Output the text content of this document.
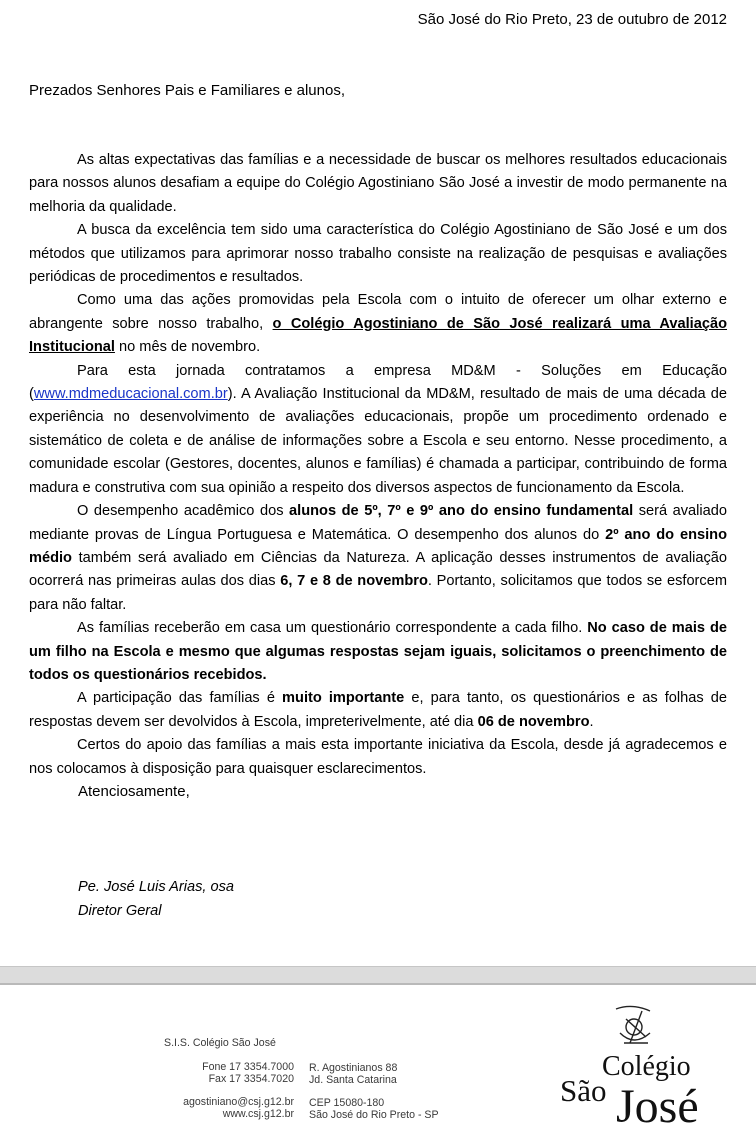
São José do Rio Preto, 23 de outubro de 2012
Prezados Senhores Pais e Familiares e alunos,

As altas expectativas das famílias e a necessidade de buscar os melhores resultados educacionais para nossos alunos desafiam a equipe do Colégio Agostiniano São José a investir de modo permanente na melhoria da qualidade.

A busca da excelência tem sido uma característica do Colégio Agostiniano de São José e um dos métodos que utilizamos para aprimorar nosso trabalho consiste na realização de pesquisas e avaliações periódicas de procedimentos e resultados.

Como uma das ações promovidas pela Escola com o intuito de oferecer um olhar externo e abrangente sobre nosso trabalho, o Colégio Agostiniano de São José realizará uma Avaliação Institucional no mês de novembro.

Para esta jornada contratamos a empresa MD&M - Soluções em Educação (www.mdmeducacional.com.br). A Avaliação Institucional da MD&M, resultado de mais de uma década de experiência no desenvolvimento de avaliações educacionais, propõe um procedimento ordenado e sistemático de coleta e de análise de informações sobre a Escola e seu entorno. Nesse procedimento, a comunidade escolar (Gestores, docentes, alunos e famílias) é chamada a participar, contribuindo de forma madura e construtiva com sua opinião a respeito dos diversos aspectos de funcionamento da Escola.

O desempenho acadêmico dos alunos de 5º, 7º e 9º ano do ensino fundamental será avaliado mediante provas de Língua Portuguesa e Matemática. O desempenho dos alunos do 2º ano do ensino médio também será avaliado em Ciências da Natureza. A aplicação desses instrumentos de avaliação ocorrerá nas primeiras aulas dos dias 6, 7 e 8 de novembro. Portanto, solicitamos que todos se esforcem para não faltar.

As famílias receberão em casa um questionário correspondente a cada filho. No caso de mais de um filho na Escola e mesmo que algumas respostas sejam iguais, solicitamos o preenchimento de todos os questionários recebidos.

A participação das famílias é muito importante e, para tanto, os questionários e as folhas de respostas devem ser devolvidos à Escola, impreterivelmente, até dia 06 de novembro.

Certos do apoio das famílias a mais esta importante iniciativa da Escola, desde já agradecemos e nos colocamos à disposição para quaisquer esclarecimentos.

Atenciosamente,
Pe. José Luis Arias, osa
Diretor Geral
S.I.S. Colégio São José
Fone 17 3354.7000
Fax 17 3354.7020
R. Agostinianos 88
Jd. Santa Catarina
agostiniano@csj.g12.br
www.csj.g12.br
CEP 15080-180
São José do Rio Preto - SP
Colégio
São José
